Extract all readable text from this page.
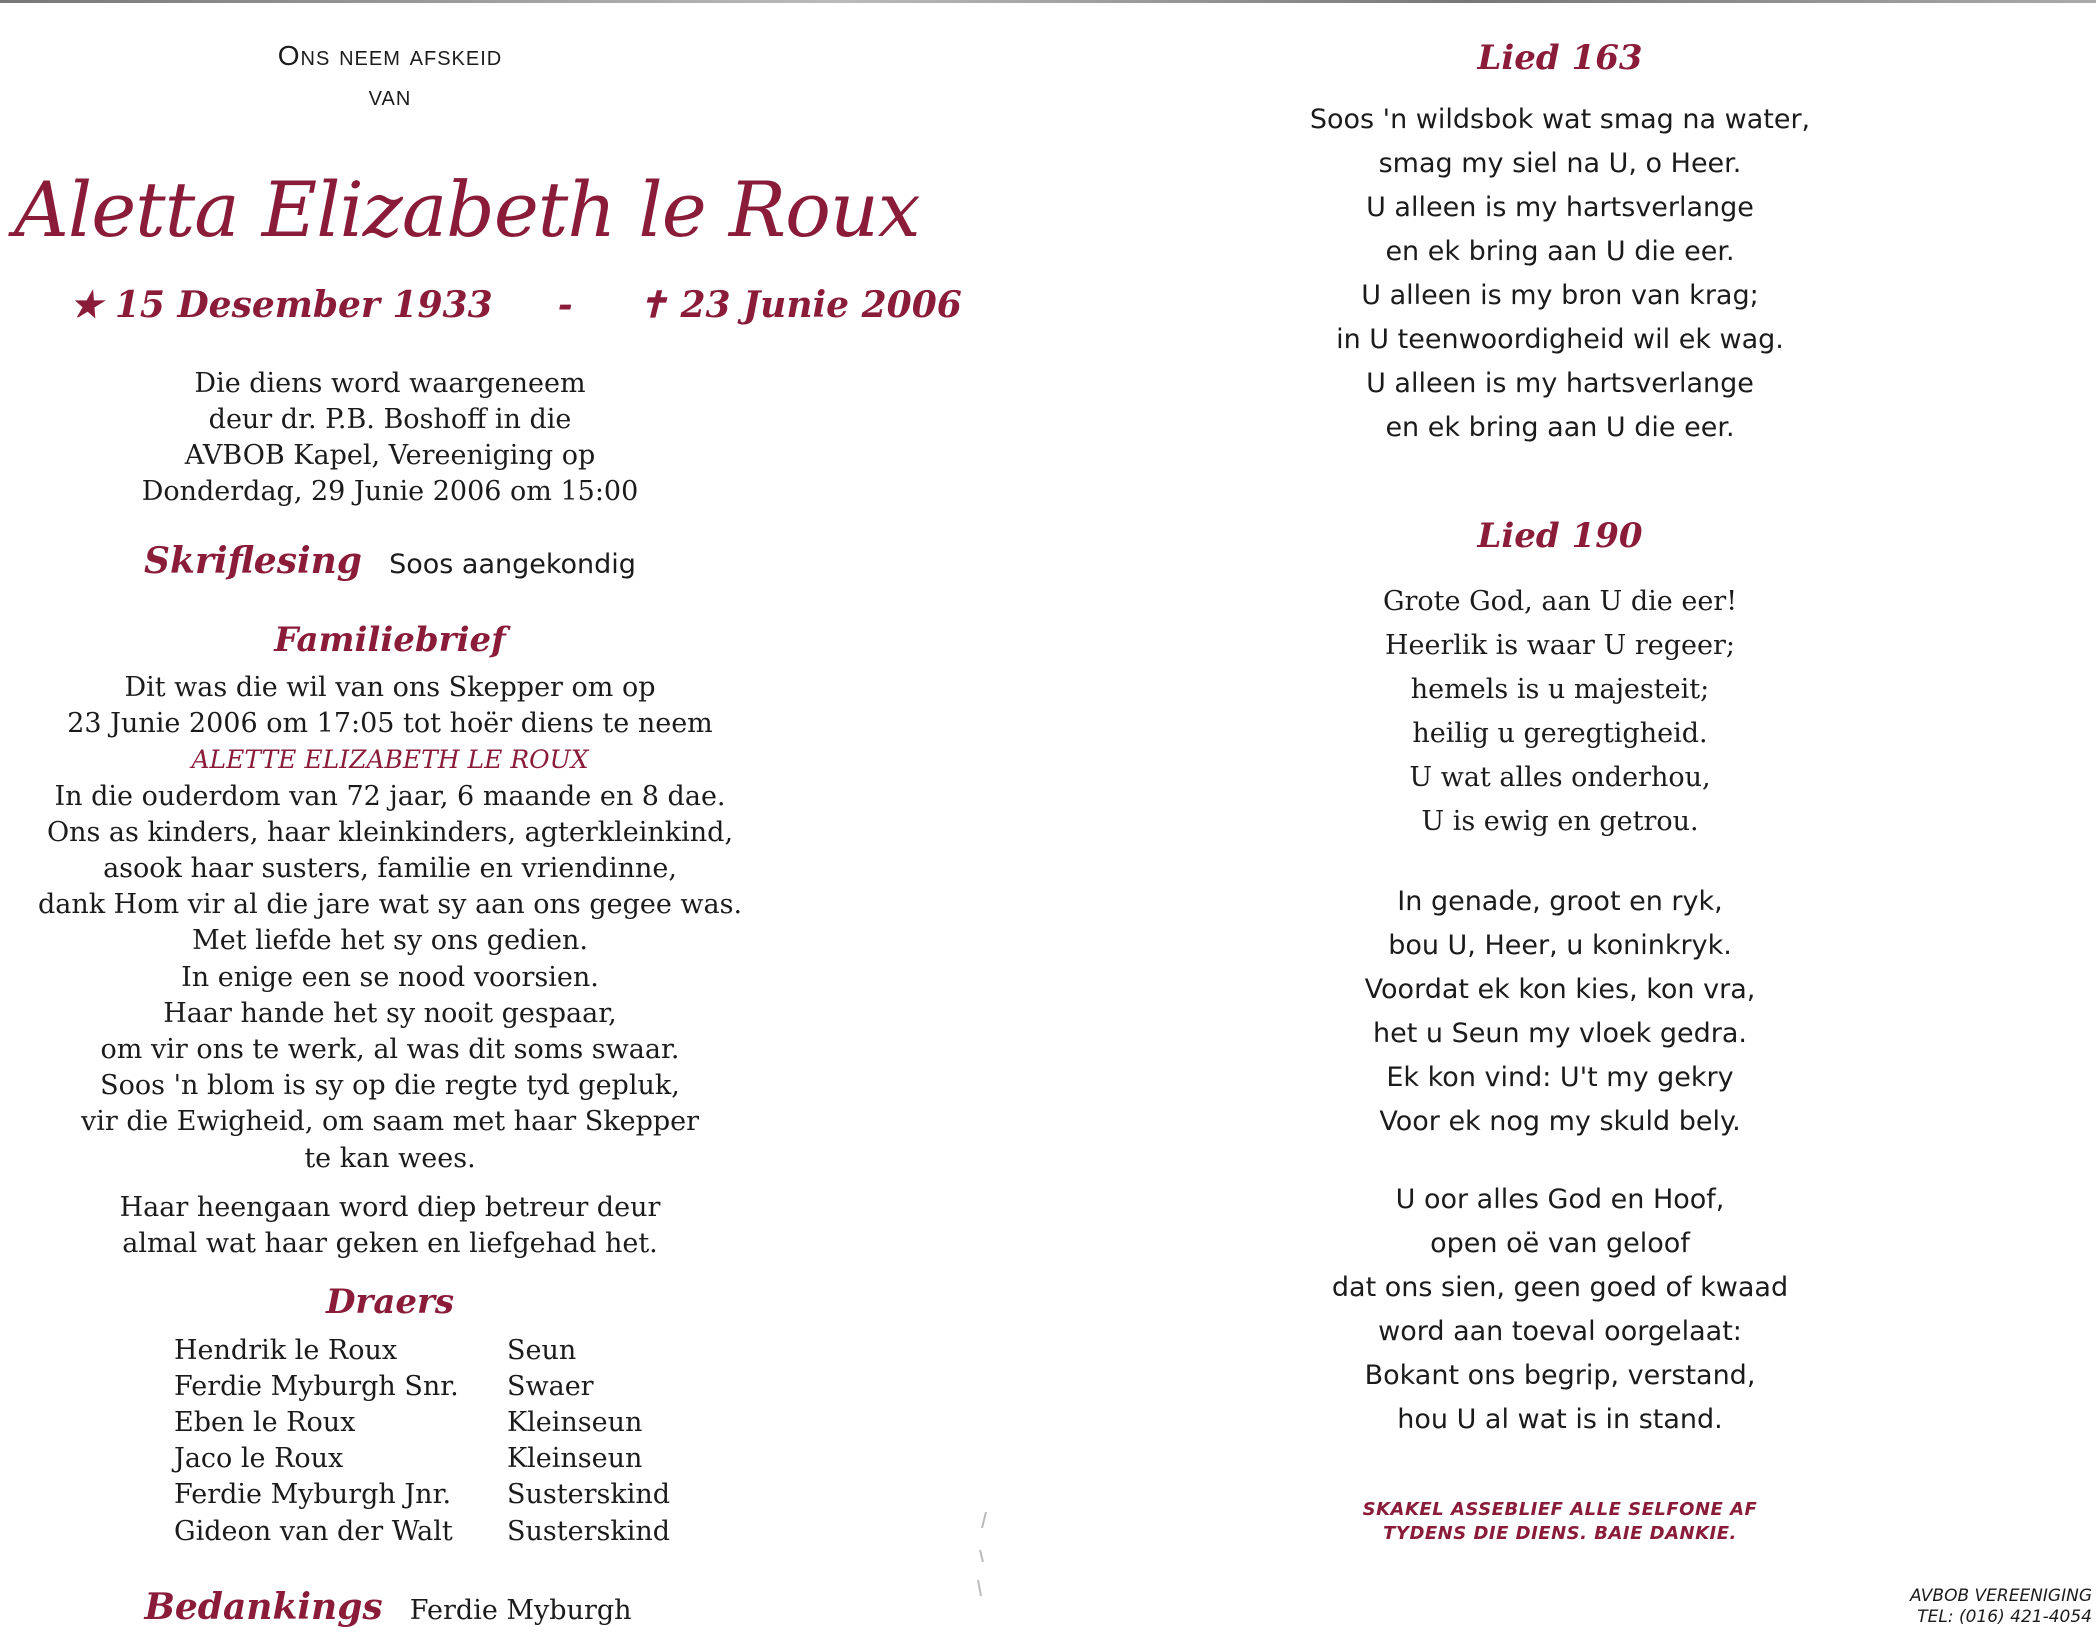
Ons neem afskeid
van
Aletta Elizabeth le Roux
★ 15 Desember 1933 - ✝ 23 Junie 2006
Die diens word waargeneem
deur dr. P.B. Boshoff in die
AVBOB Kapel, Vereeniging op
Donderdag, 29 Junie 2006 om 15:00
Skriflesing Soos aangekondig
Familiebrief
Dit was die wil van ons Skepper om op
23 Junie 2006 om 17:05 tot hoër diens te neem
ALETTE ELIZABETH LE ROUX
In die ouderdom van 72 jaar, 6 maande en 8 dae.
Ons as kinders, haar kleinkinders, agterkleinkind,
asook haar susters, familie en vriendinne,
dank Hom vir al die jare wat sy aan ons gegee was.
Met liefde het sy ons gedien.
In enige een se nood voorsien.
Haar hande het sy nooit gespaar,
om vir ons te werk, al was dit soms swaar.
Soos 'n blom is sy op die regte tyd gepluk,
vir die Ewigheid, om saam met haar Skepper
te kan wees.
Haar heengaan word diep betreur deur
almal wat haar geken en liefgehad het.
Draers
Hendrik le Roux	Seun
Ferdie Myburgh Snr.	Swaer
Eben le Roux	Kleinseun
Jaco le Roux	Kleinseun
Ferdie Myburgh Jnr.	Susterskind
Gideon van der Walt	Susterskind
Bedankings Ferdie Myburgh
Lied 163
Soos 'n wildsbok wat smag na water,
smag my siel na U, o Heer.
U alleen is my hartsverlange
en ek bring aan U die eer.
U alleen is my bron van krag;
in U teenwoordigheid wil ek wag.
U alleen is my hartsverlange
en ek bring aan U die eer.
Lied 190
Grote God, aan U die eer!
Heerlik is waar U regeer;
hemels is u majesteit;
heilig u geregtigheid.
U wat alles onderhou,
U is ewig en getrou.
In genade, groot en ryk,
bou U, Heer, u koninkryk.
Voordat ek kon kies, kon vra,
het u Seun my vloek gedra.
Ek kon vind: U't my gekry
Voor ek nog my skuld bely.
U oor alles God en Hoof,
open oë van geloof
dat ons sien, geen goed of kwaad
word aan toeval oorgelaat:
Bokant ons begrip, verstand,
hou U al wat is in stand.
SKAKEL ASSEBLIEF ALLE SELFONE AF
TYDENS DIE DIENS. BAIE DANKIE.
AVBOB VEREENIGING
TEL: (016) 421-4054
